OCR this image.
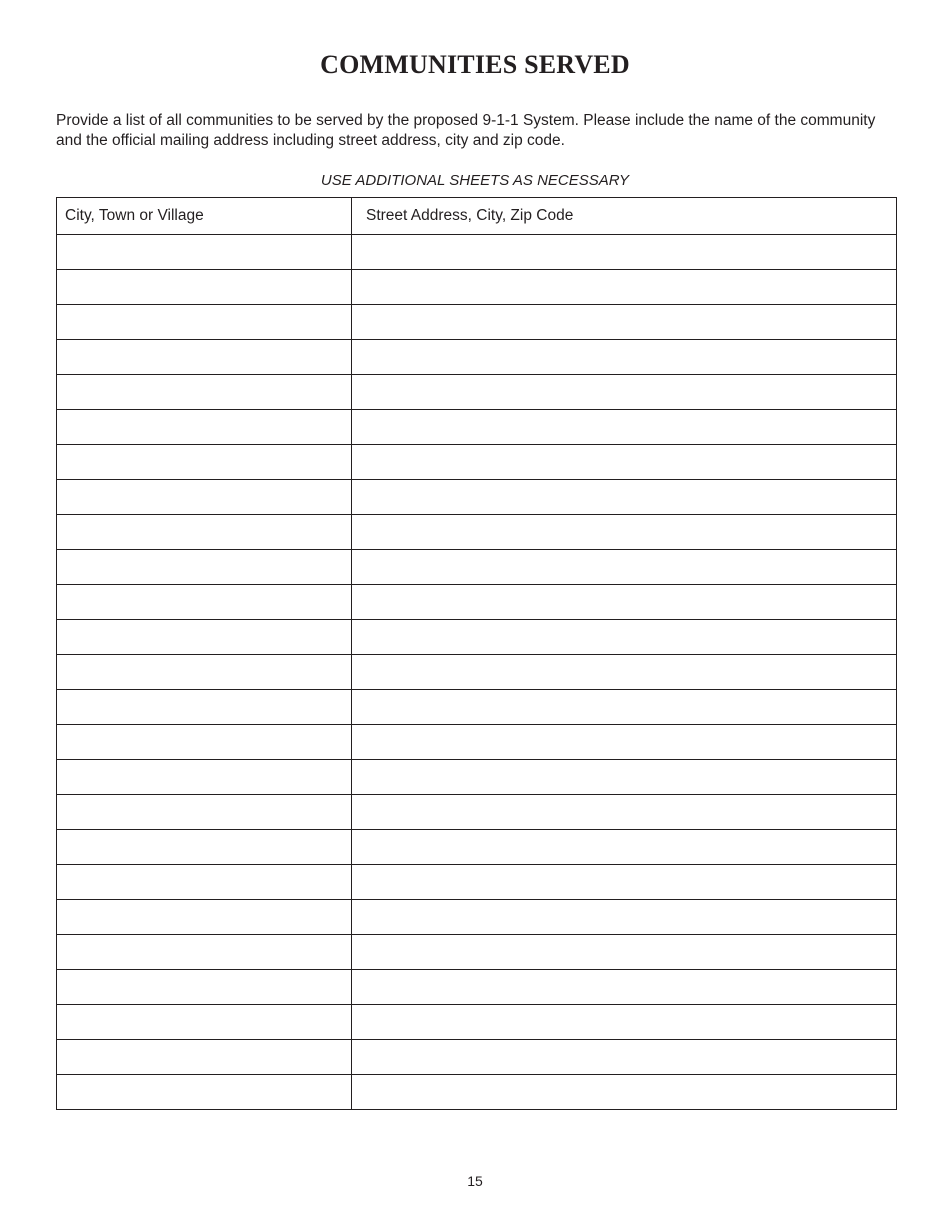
COMMUNITIES SERVED

Provide a list of all communities to be served by the proposed 9-1-1 System. Please include the name of the community and the official mailing address including street address, city and zip code.

USE ADDITIONAL SHEETS AS NECESSARY

City, Town or Village	Street Address, City, Zip Code

15
